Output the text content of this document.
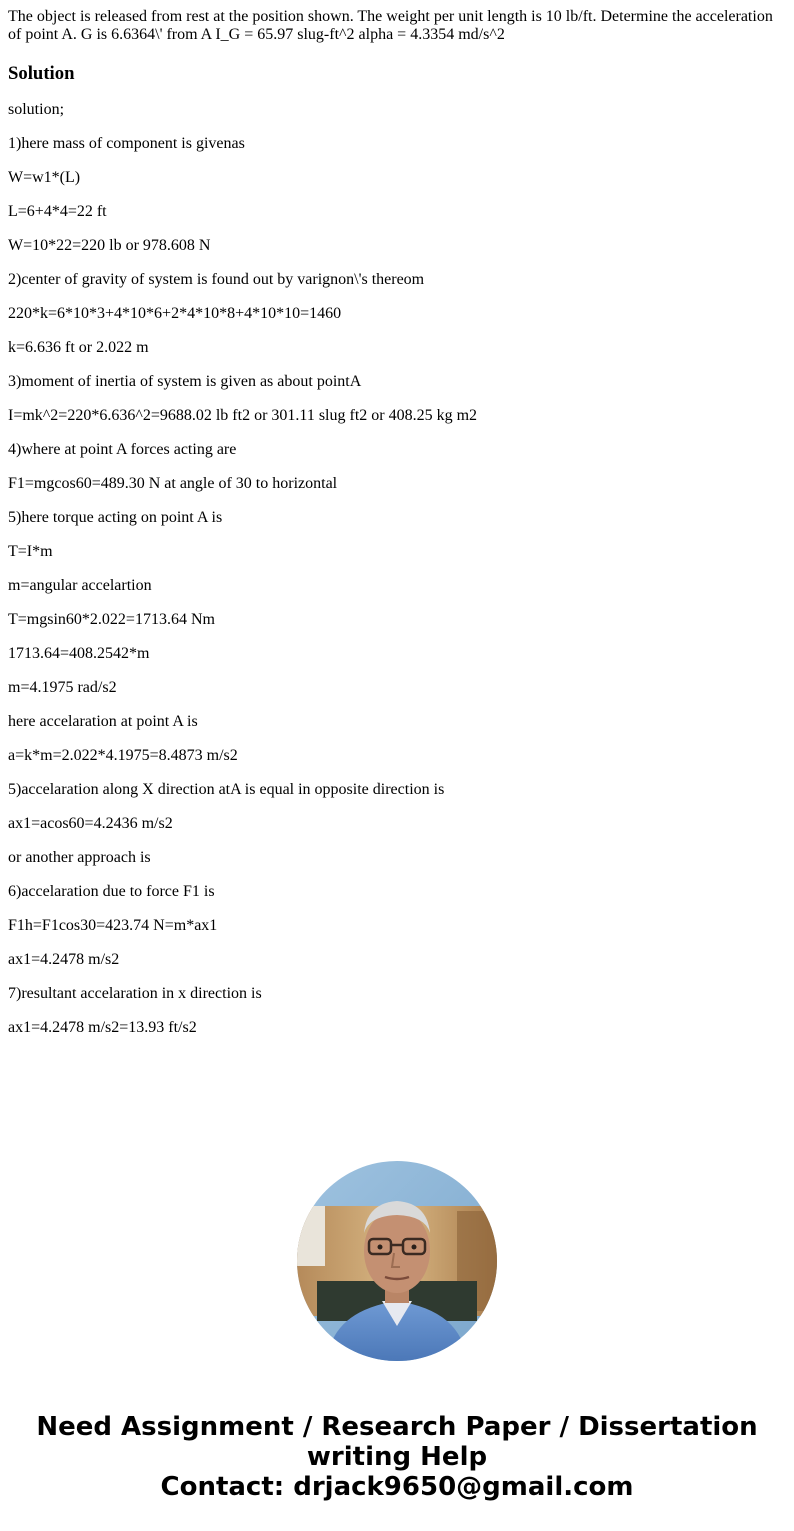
The object is released from rest at the position shown. The weight per unit length is 10 lb/ft. Determine the acceleration of point A. G is 6.6364\' from A I_G = 65.97 slug-ft^2 alpha = 4.3354 md/s^2
Solution

solution;

1)here mass of component is givenas

W=w1*(L)

L=6+4*4=22 ft

W=10*22=220 lb or 978.608 N

2)center of gravity of system is found out by varignon\'s thereom

220*k=6*10*3+4*10*6+2*4*10*8+4*10*10=1460

k=6.636 ft or 2.022 m

3)moment of inertia of system is given as about pointA

I=mk^2=220*6.636^2=9688.02 lb ft2 or 301.11 slug ft2 or 408.25 kg m2

4)where at point A forces acting are

F1=mgcos60=489.30 N at angle of 30 to horizontal

5)here torque acting on point A is

T=I*m

m=angular accelartion

T=mgsin60*2.022=1713.64 Nm

1713.64=408.2542*m

m=4.1975 rad/s2

here accelaration at point A is

a=k*m=2.022*4.1975=8.4873 m/s2

5)accelaration along X direction atA is equal in opposite direction is

ax1=acos60=4.2436 m/s2

or another approach is

6)accelaration due to force F1 is

F1h=F1cos30=423.74 N=m*ax1

ax1=4.2478 m/s2

7)resultant accelaration in x direction is

ax1=4.2478 m/s2=13.93 ft/s2

Need Assignment / Research Paper / Dissertation
writing Help
Contact: drjack9650@gmail.com
